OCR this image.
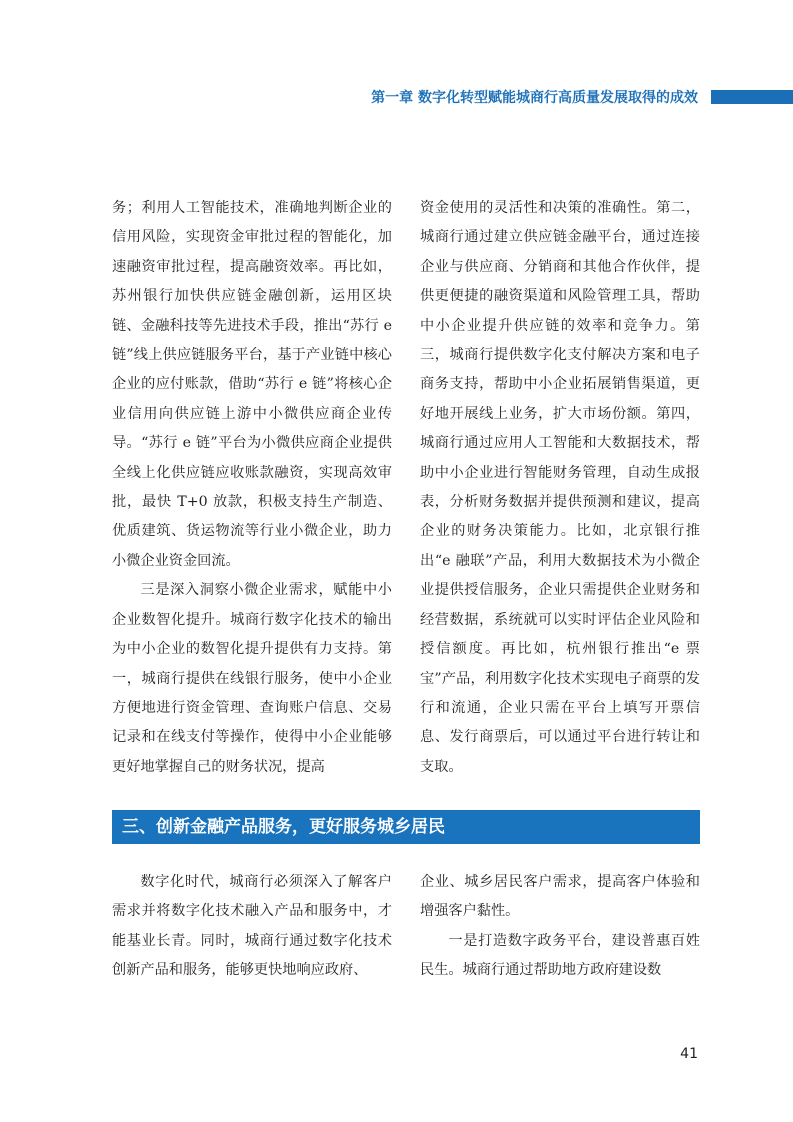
第一章 数字化转型赋能城商行高质量发展取得的成效

务；利用人工智能技术，准确地判断企业的信用风险，实现资金审批过程的智能化，加速融资审批过程，提高融资效率。再比如，苏州银行加快供应链金融创新，运用区块链、金融科技等先进技术手段，推出“苏行 e 链”线上供应链服务平台，基于产业链中核心企业的应付账款，借助“苏行 e 链”将核心企业信用向供应链上游中小微供应商企业传导。“苏行 e 链”平台为小微供应商企业提供全线上化供应链应收账款融资，实现高效审批，最快 T+0 放款，积极支持生产制造、优质建筑、货运物流等行业小微企业，助力小微企业资金回流。

三是深入洞察小微企业需求，赋能中小企业数智化提升。城商行数字化技术的输出为中小企业的数智化提升提供有力支持。第一，城商行提供在线银行服务，使中小企业方便地进行资金管理、查询账户信息、交易记录和在线支付等操作，使得中小企业能够更好地掌握自己的财务状况，提高

资金使用的灵活性和决策的准确性。第二，城商行通过建立供应链金融平台，通过连接企业与供应商、分销商和其他合作伙伴，提供更便捷的融资渠道和风险管理工具，帮助中小企业提升供应链的效率和竞争力。第三，城商行提供数字化支付解决方案和电子商务支持，帮助中小企业拓展销售渠道，更好地开展线上业务，扩大市场份额。第四，城商行通过应用人工智能和大数据技术，帮助中小企业进行智能财务管理，自动生成报表，分析财务数据并提供预测和建议，提高企业的财务决策能力。比如，北京银行推出“e 融联”产品，利用大数据技术为小微企业提供授信服务，企业只需提供企业财务和经营数据，系统就可以实时评估企业风险和授信额度。再比如，杭州银行推出“e 票宝”产品，利用数字化技术实现电子商票的发行和流通，企业只需在平台上填写开票信息、发行商票后，可以通过平台进行转让和支取。

三、创新金融产品服务，更好服务城乡居民

数字化时代，城商行必须深入了解客户需求并将数字化技术融入产品和服务中，才能基业长青。同时，城商行通过数字化技术创新产品和服务，能够更快地响应政府、

企业、城乡居民客户需求，提高客户体验和增强客户黏性。

一是打造数字政务平台，建设普惠百姓民生。城商行通过帮助地方政府建设数

41
